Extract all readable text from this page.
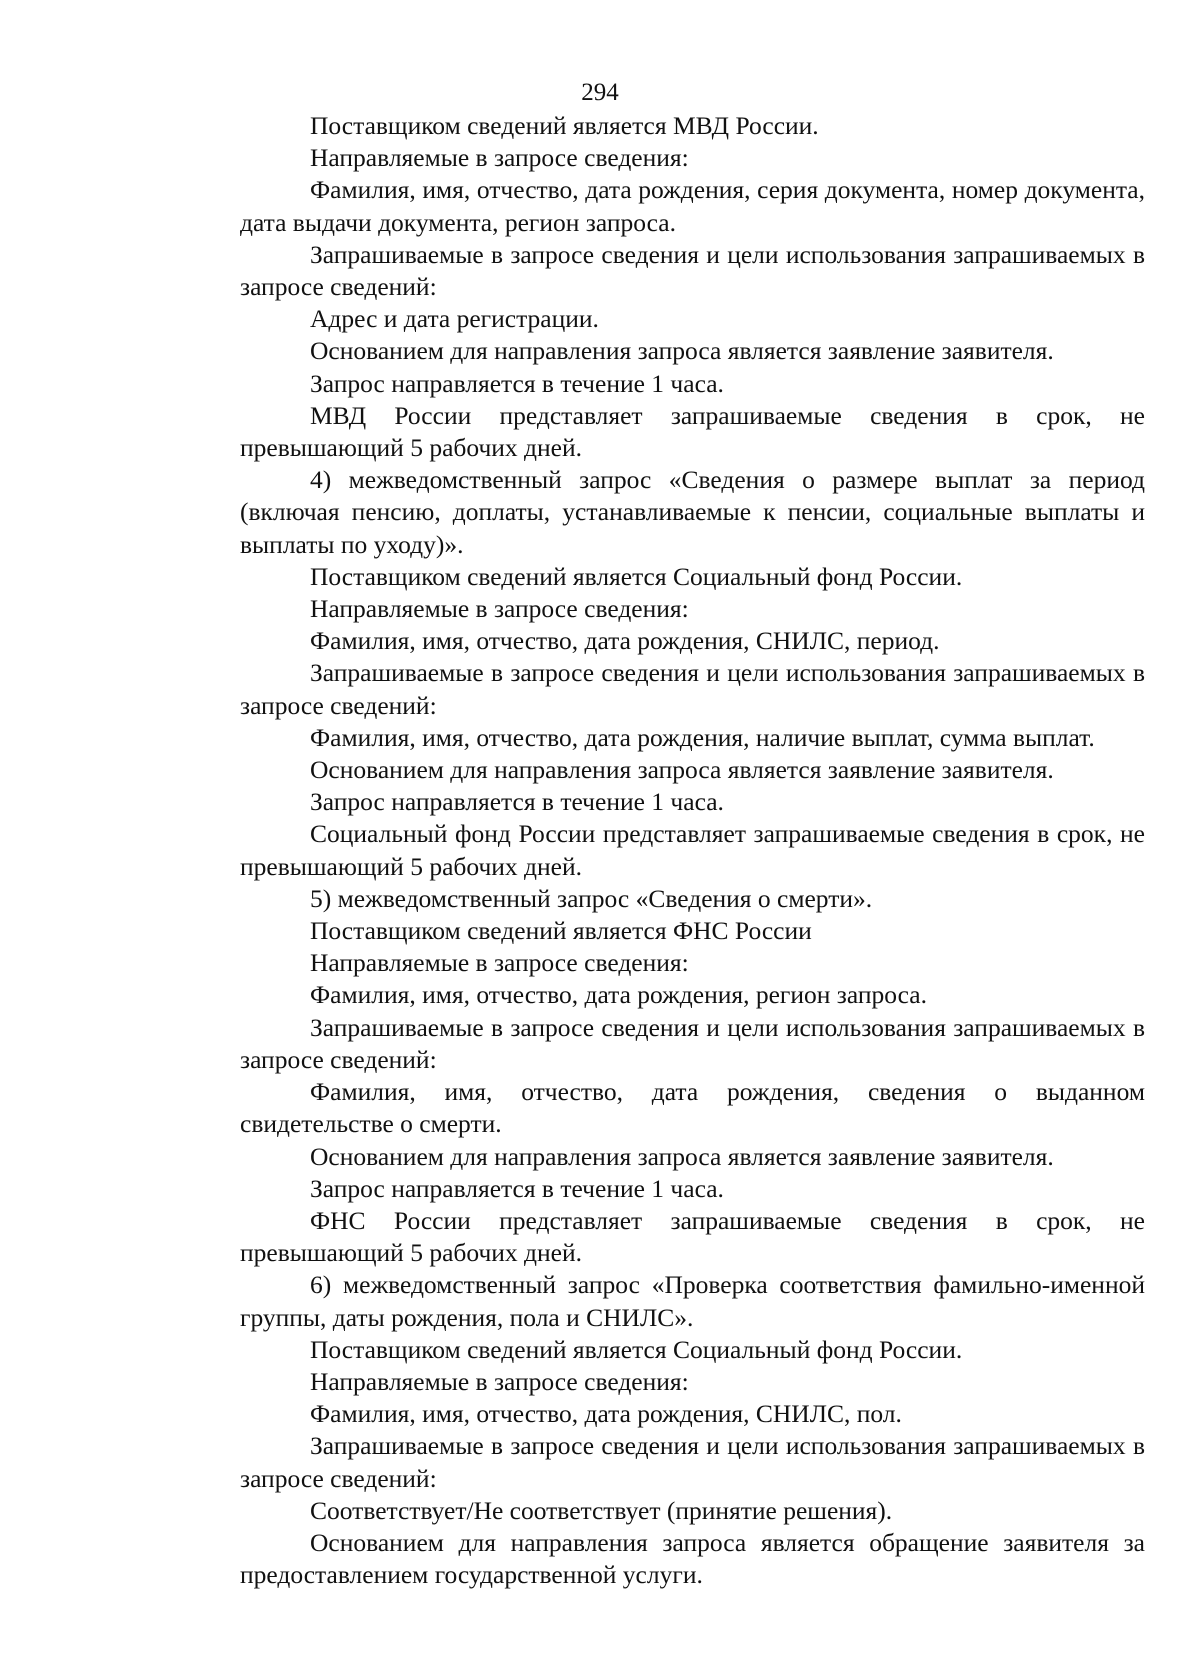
294

Поставщиком сведений является МВД России.

Направляемые в запросе сведения:

Фамилия, имя, отчество, дата рождения, серия документа, номер документа, дата выдачи документа, регион запроса.

Запрашиваемые в запросе сведения и цели использования запрашиваемых в запросе сведений:

Адрес и дата регистрации.

Основанием для направления запроса является заявление заявителя.

Запрос направляется в течение 1 часа.

МВД России представляет запрашиваемые сведения в срок, не превышающий 5 рабочих дней.

4) межведомственный запрос «Сведения о размере выплат за период (включая пенсию, доплаты, устанавливаемые к пенсии, социальные выплаты и выплаты по уходу)».

Поставщиком сведений является Социальный фонд России.

Направляемые в запросе сведения:

Фамилия, имя, отчество, дата рождения, СНИЛС, период.

Запрашиваемые в запросе сведения и цели использования запрашиваемых в запросе сведений:

Фамилия, имя, отчество, дата рождения, наличие выплат, сумма выплат.

Основанием для направления запроса является заявление заявителя.

Запрос направляется в течение 1 часа.

Социальный фонд России представляет запрашиваемые сведения в срок, не превышающий 5 рабочих дней.

5) межведомственный запрос «Сведения о смерти».

Поставщиком сведений является ФНС России

Направляемые в запросе сведения:

Фамилия, имя, отчество, дата рождения, регион запроса.

Запрашиваемые в запросе сведения и цели использования запрашиваемых в запросе сведений:

Фамилия, имя, отчество, дата рождения, сведения о выданном свидетельстве о смерти.

Основанием для направления запроса является заявление заявителя.

Запрос направляется в течение 1 часа.

ФНС России представляет запрашиваемые сведения в срок, не превышающий 5 рабочих дней.

6) межведомственный запрос «Проверка соответствия фамильно-именной группы, даты рождения, пола и СНИЛС».

Поставщиком сведений является Социальный фонд России.

Направляемые в запросе сведения:

Фамилия, имя, отчество, дата рождения, СНИЛС, пол.

Запрашиваемые в запросе сведения и цели использования запрашиваемых в запросе сведений:

Соответствует/Не соответствует (принятие решения).

Основанием для направления запроса является обращение заявителя за предоставлением государственной услуги.
